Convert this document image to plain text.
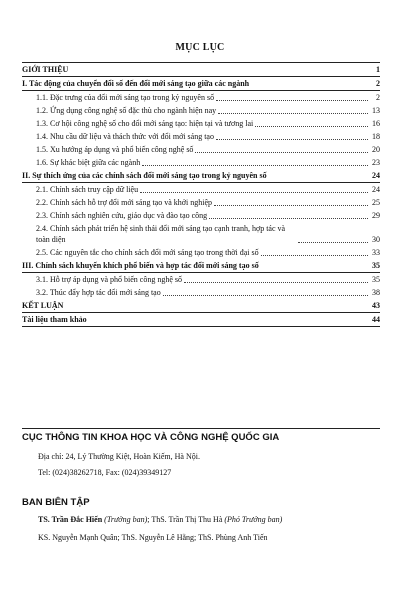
MỤC LỤC
GIỚI THIỆU	1
I. Tác động của chuyển đổi số đến đổi mới sáng tạo giữa các ngành	2
1.1. Đặc trưng của đổi mới sáng tạo trong kỷ nguyên số	2
1.2. Ứng dụng công nghệ số đặc thù cho ngành hiện nay	13
1.3. Cơ hội công nghệ số cho đổi mới sáng tạo: hiện tại và tương lai	16
1.4. Nhu cầu dữ liệu và thách thức với đổi mới sáng tạo	18
1.5. Xu hướng áp dụng và phổ biến công nghệ số	20
1.6. Sự khác biệt giữa các ngành	23
II. Sự thích ứng của các chính sách đổi mới sáng tạo trong kỷ nguyên số	24
2.1. Chính sách truy cập dữ liệu	24
2.2. Chính sách hỗ trợ đổi mới sáng tạo và khởi nghiệp	25
2.3. Chính sách nghiên cứu, giáo dục và đào tạo công	29
2.4. Chính sách phát triển hệ sinh thái đổi mới sáng tạo cạnh tranh, hợp tác và toàn diện	30
2.5. Các nguyên tắc cho chính sách đổi mới sáng tạo trong thời đại số	33
III. Chính sách khuyến khích phổ biến và hợp tác đổi mới sáng tạo số	35
3.1. Hỗ trợ áp dụng và phổ biến công nghệ số	35
3.2. Thúc đẩy hợp tác đổi mới sáng tạo	38
KẾT LUẬN	43
Tài liệu tham khảo	44
CỤC THÔNG TIN KHOA HỌC VÀ CÔNG NGHỆ QUỐC GIA
Địa chỉ: 24, Lý Thường Kiệt, Hoàn Kiếm, Hà Nội.
Tel: (024)38262718, Fax: (024)39349127
BAN BIÊN TẬP
TS. Trần Đắc Hiến (Trưởng ban); ThS. Trần Thị Thu Hà (Phó Trưởng ban)
KS. Nguyễn Mạnh Quân; ThS. Nguyễn Lê Hằng; ThS. Phùng Anh Tiến
